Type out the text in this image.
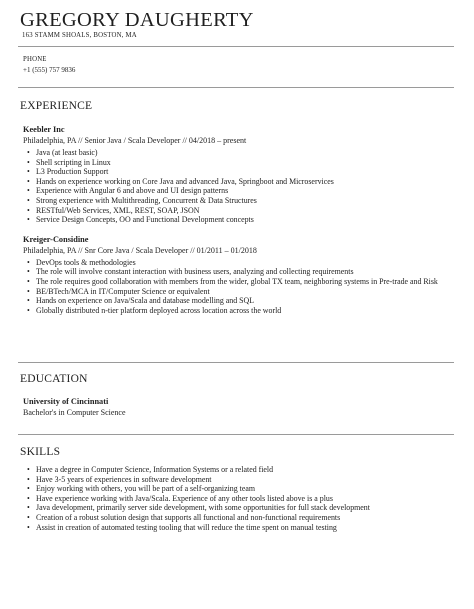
GREGORY DAUGHERTY
163 STAMM SHOALS, BOSTON, MA
PHONE
+1 (555) 757 9836
EXPERIENCE

Keebler Inc

Philadelphia, PA // Senior Java / Scala Developer // 04/2018 – present

• Java (at least basic)
• Shell scripting in Linux
• L3 Production Support
• Hands on experience working on Core Java and advanced Java, Springboot and Microservices
• Experience with Angular 6 and above and UI design patterns
• Strong experience with Multithreading, Concurrent & Data Structures
• RESTful/Web Services, XML, REST, SOAP, JSON
• Service Design Concepts, OO and Functional Development concepts

Kreiger-Considine

Philadelphia, PA // Snr Core Java / Scala Developer // 01/2011 – 01/2018

• DevOps tools & methodologies
• The role will involve constant interaction with business users, analyzing and collecting requirements
• The role requires good collaboration with members from the wider, global TX team, neighboring systems in Pre-trade and Risk
• BE/BTech/MCA in IT/Computer Science or equivalent
• Hands on experience on Java/Scala and database modelling and SQL
• Globally distributed n-tier platform deployed across location across the world
EDUCATION

University of Cincinnati

Bachelor's in Computer Science

SKILLS
• Have a degree in Computer Science, Information Systems or a related field
• Have 3-5 years of experiences in software development
• Enjoy working with others, you will be part of a self-organizing team
• Have experience working with Java/Scala. Experience of any other tools listed above is a plus
• Java development, primarily server side development, with some opportunities for full stack development
• Creation of a robust solution design that supports all functional and non-functional requirements
• Assist in creation of automated testing tooling that will reduce the time spent on manual testing
